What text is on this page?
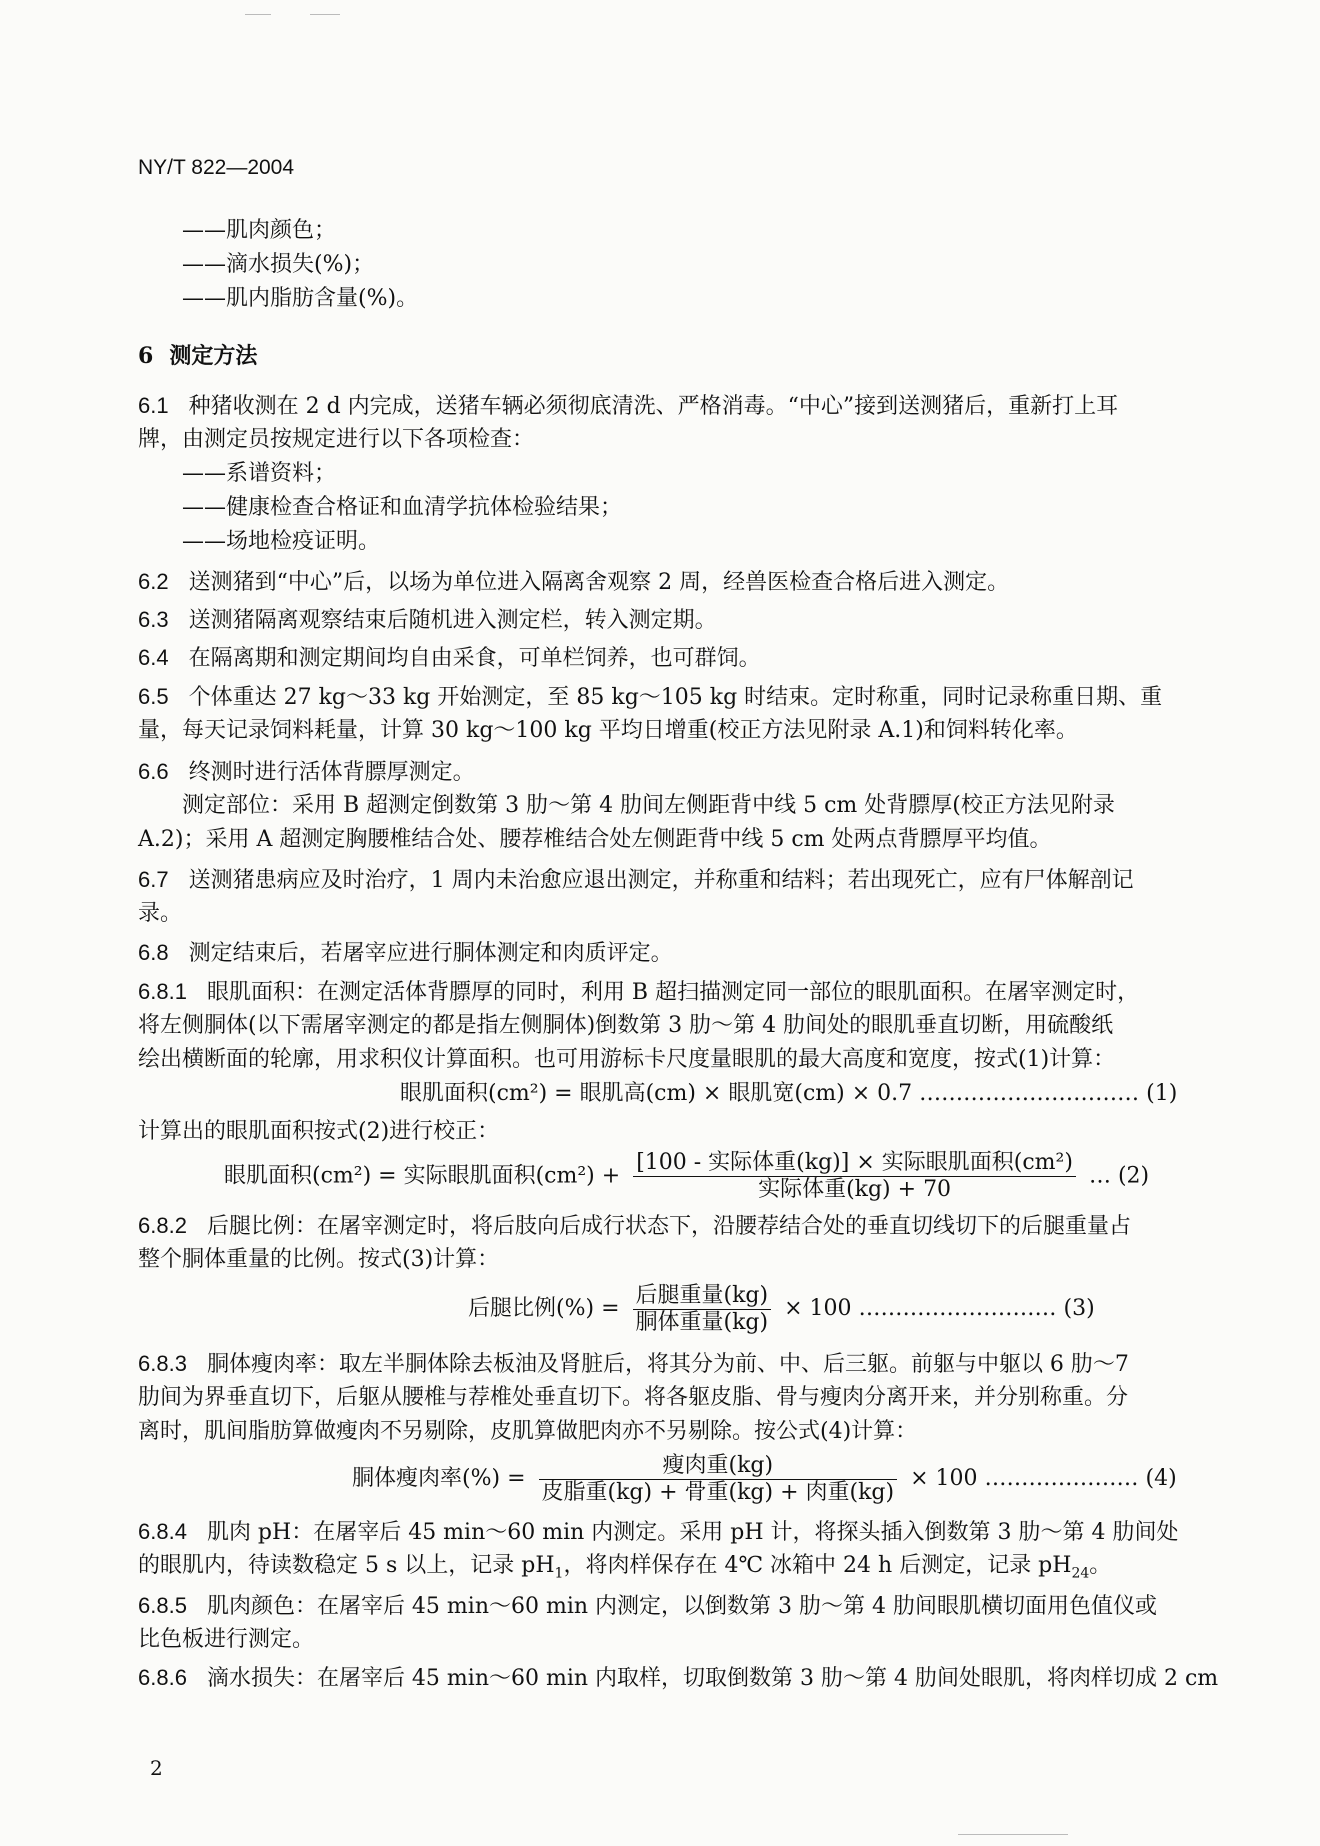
NY/T 822—2004
——肌肉颜色；
——滴水损失(%)；
——肌内脂肪含量(%)。
6 测定方法
6.1 种猪收测在 2 d 内完成，送猪车辆必须彻底清洗、严格消毒。“中心”接到送测猪后，重新打上耳
牌，由测定员按规定进行以下各项检查：
——系谱资料；
——健康检查合格证和血清学抗体检验结果；
——场地检疫证明。
6.2 送测猪到“中心”后，以场为单位进入隔离舍观察 2 周，经兽医检查合格后进入测定。
6.3 送测猪隔离观察结束后随机进入测定栏，转入测定期。
6.4 在隔离期和测定期间均自由采食，可单栏饲养，也可群饲。
6.5 个体重达 27 kg～33 kg 开始测定，至 85 kg～105 kg 时结束。定时称重，同时记录称重日期、重
量，每天记录饲料耗量，计算 30 kg～100 kg 平均日增重(校正方法见附录 A.1)和饲料转化率。
6.6 终测时进行活体背膘厚测定。
测定部位：采用 B 超测定倒数第 3 肋～第 4 肋间左侧距背中线 5 cm 处背膘厚(校正方法见附录
A.2)；采用 A 超测定胸腰椎结合处、腰荐椎结合处左侧距背中线 5 cm 处两点背膘厚平均值。
6.7 送测猪患病应及时治疗，1 周内未治愈应退出测定，并称重和结料；若出现死亡，应有尸体解剖记
录。
6.8 测定结束后，若屠宰应进行胴体测定和肉质评定。
6.8.1 眼肌面积：在测定活体背膘厚的同时，利用 B 超扫描测定同一部位的眼肌面积。在屠宰测定时，
将左侧胴体(以下需屠宰测定的都是指左侧胴体)倒数第 3 肋～第 4 肋间处的眼肌垂直切断，用硫酸纸
绘出横断面的轮廓，用求积仪计算面积。也可用游标卡尺度量眼肌的最大高度和宽度，按式(1)计算：
眼肌面积(cm²) = 眼肌高(cm) × 眼肌宽(cm) × 0.7 ………………………… (1)
计算出的眼肌面积按式(2)进行校正：
眼肌面积(cm²) = 实际眼肌面积$(cm^2) + \frac{\text{[100 - 实际体重(kg)] × 实际眼肌面积(cm²)}}{\text{实际体重(kg) + 70}}$ … (2)
6.8.2 后腿比例：在屠宰测定时，将后肢向后成行状态下，沿腰荐结合处的垂直切线切下的后腿重量占
整个胴体重量的比例。按式(3)计算：
后腿比例(%) = $\frac{\text{后腿重量(kg)}}{\text{胴体重量(kg)}} \times 100$ ……………………… (3)
6.8.3 胴体瘦肉率：取左半胴体除去板油及肾脏后，将其分为前、中、后三躯。前躯与中躯以 6 肋～7
肋间为界垂直切下，后躯从腰椎与荐椎处垂直切下。将各躯皮脂、骨与瘦肉分离开来，并分别称重。分
离时，肌间脂肪算做瘦肉不另剔除，皮肌算做肥肉亦不另剔除。按公式(4)计算：
胴体瘦肉率(%) = $\frac{\text{瘦肉重(kg)}}{\text{皮脂重(kg) + 骨重(kg) + 肉重(kg)}} \times 100$ ………………… (4)
6.8.4 肌肉 pH：在屠宰后 45 min～60 min 内测定。采用 pH 计，将探头插入倒数第 3 肋～第 4 肋间处
的眼肌内，待读数稳定 5 s 以上，记录 $pH_1$，将肉样保存在 4℃ 冰箱中 24 h 后测定，记录 $pH_{24}$。
6.8.5 肌肉颜色：在屠宰后 45 min～60 min 内测定，以倒数第 3 肋～第 4 肋间眼肌横切面用色值仪或
比色板进行测定。
6.8.6 滴水损失：在屠宰后 45 min～60 min 内取样，切取倒数第 3 肋～第 4 肋间处眼肌，将肉样切成 2 cm
2
